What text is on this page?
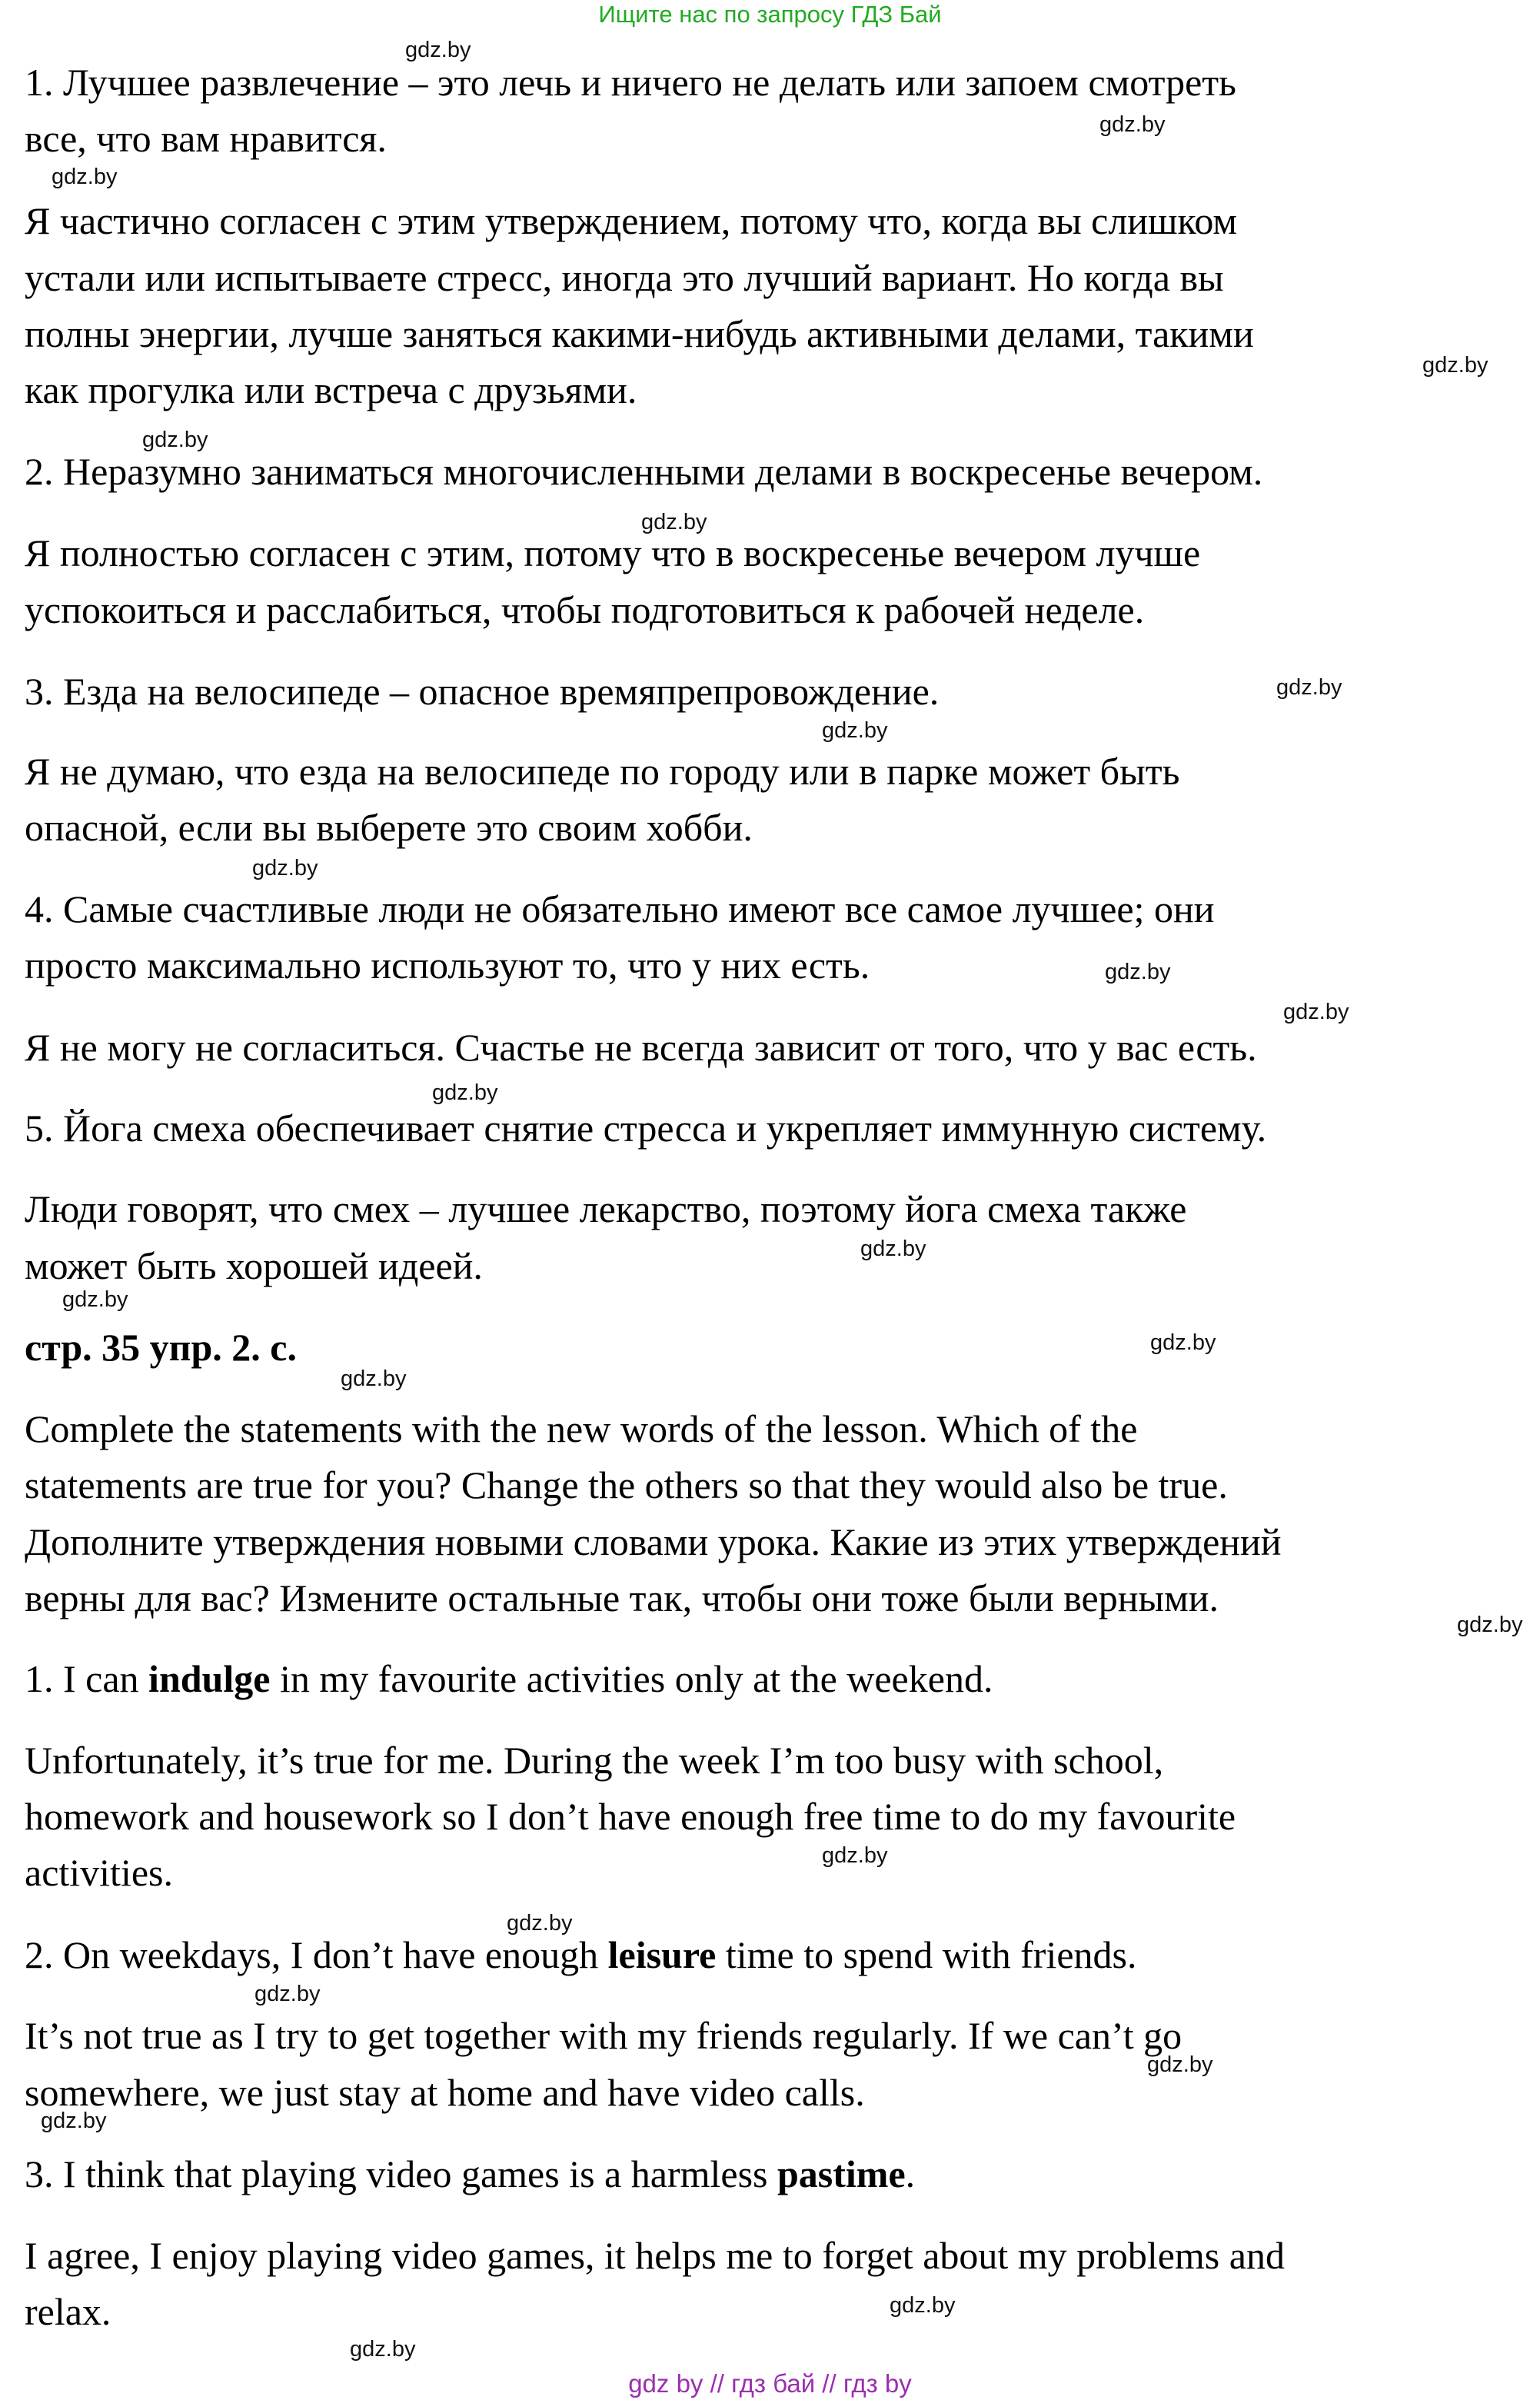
Ищите нас по запросу ГДЗ Бай
1. Лучшее развлечение – это лечь и ничего не делать или запоем смотреть
все, что вам нравится.
Я частично согласен с этим утверждением, потому что, когда вы слишком
устали или испытываете стресс, иногда это лучший вариант. Но когда вы
полны энергии, лучше заняться какими-нибудь активными делами, такими
как прогулка или встреча с друзьями.
2. Неразумно заниматься многочисленными делами в воскресенье вечером.
Я полностью согласен с этим, потому что в воскресенье вечером лучше
успокоиться и расслабиться, чтобы подготовиться к рабочей неделе.
3. Езда на велосипеде – опасное времяпрепровождение.
Я не думаю, что езда на велосипеде по городу или в парке может быть
опасной, если вы выберете это своим хобби.
4. Самые счастливые люди не обязательно имеют все самое лучшее; они
просто максимально используют то, что у них есть.
Я не могу не согласиться. Счастье не всегда зависит от того, что у вас есть.
5. Йога смеха обеспечивает снятие стресса и укрепляет иммунную систему.
Люди говорят, что смех – лучшее лекарство, поэтому йога смеха также
может быть хорошей идеей.
стр. 35 упр. 2. c.
Complete the statements with the new words of the lesson. Which of the
statements are true for you? Change the others so that they would also be true.
Дополните утверждения новыми словами урока. Какие из этих утверждений
верны для вас? Измените остальные так, чтобы они тоже были верными.
1. I can indulge in my favourite activities only at the weekend.
Unfortunately, it’s true for me. During the week I’m too busy with school,
homework and housework so I don’t have enough free time to do my favourite
activities.
2. On weekdays, I don’t have enough leisure time to spend with friends.
It’s not true as I try to get together with my friends regularly. If we can’t go
somewhere, we just stay at home and have video calls.
3. I think that playing video games is a harmless pastime.
I agree, I enjoy playing video games, it helps me to forget about my problems and
relax.
gdz.by
gdz.by
gdz.by
gdz.by
gdz.by
gdz.by
gdz.by
gdz.by
gdz.by
gdz.by
gdz.by
gdz.by
gdz.by
gdz.by
gdz.by
gdz.by
gdz.by
gdz.by
gdz.by
gdz.by
gdz.by
gdz.by
gdz.by
gdz.by
gdz by // гдз бай // гдз by
